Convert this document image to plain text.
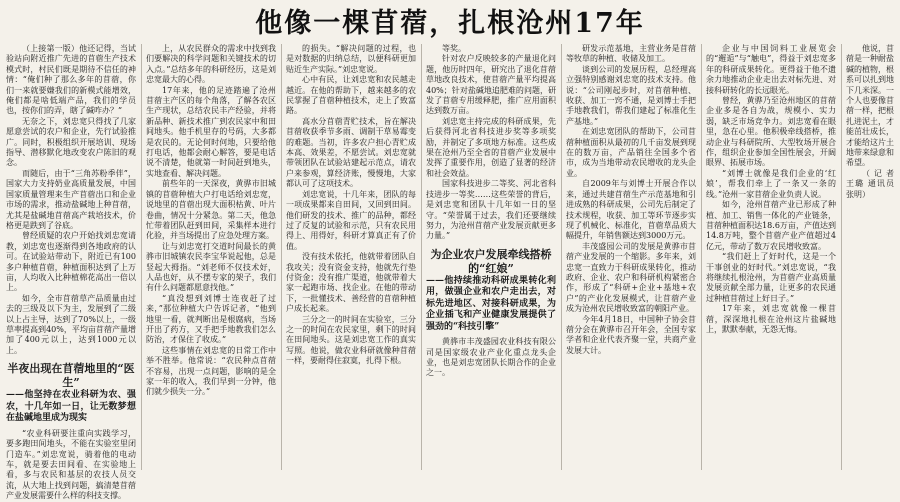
他像一棵苜蓿，扎根沧州17年

（上接第一版）他还记得，当试验站向附近推广先进的苜蓿生产技术模式时，村民们既是期待不信任的神情：“俺们种了那么多年的苜蓿，你们一来就要嫌我们的新模式能增效，俺们都是啥低端产品，我们的学员也，按你们的弄，瞎了碱咋办？”

无奈之下，刘忠宽只得找了几家愿意尝试的农户和企业，先行试验推广。同时，积极组织开展培训、现场指导、潜移默化地改变农户陈旧的观念。

而随后，由于“三角苏粉季伴”，国家大力支持奶业高质量发展，中国国家质量管理来生产苜蓿出口和企业市场的需求，推动盐碱地上种苜蓿，尤其是盐碱地苜蓿高产栽培技术，价格更是跌到了谷底。

曾经质疑的农户开始找刘忠宽请教，刘忠宽也逐渐得到各地政府的认可。在试验站带动下，附近已有100多户种植苜蓿，种植面积达到了上万亩，人均收入比种植棉花高出一倍以上。

如今，全市苜蓿草产品质量由过去的三级及以下为主，发展到了二级以上占主导，达到了70%以上，一级草率提高到40%，平均亩苜蓿产量增加了400元以上，达到1000元以上。

半夜出现在苜蓿地里的“医生”
——他坚持在农业科研为农、强农，十几年如一日，让无数梦想在盐碱地里成为现实

“农业科研要注重向实践学习，要多跑田间地头，不能在实验室里闭门造车。”刘忠宽说，骑着他的电动车，就是要去田间看、在实验地上看，多与农民和基层的农技人员交流，从大地上找到问题，搞清楚苜蓿产业发展需要什么样的科技支撑。

上，从农民群众的需求中找到我们要解决的科学问题和关键技术的切入点。”总结多年的科研经历，这是刘忠宽最大的心得。

17年来，他的足迹踏遍了沧州苜蓿主产区的每个角落，了解各农区生产现状，总结农民丰产经验，并将新品种、新技术推广到农民家中和田间地头。他手机里存的号码，大多都是农民的。无论何时何地，只要给他打电话，他都会耐心解答，要是电话说不清楚，他就第一时间赶到地头，实地查看、解决问题。

前些年的一天深夜，黄骅市旧城镇的苜蓿种植大户打电话给刘忠宽，说地里的苜蓿出现大面积枯黄、叶片卷曲，情况十分紧急。第二天，他急忙带着团队赶到田间，采集样本进行化验，并当场提出了应急处理方案。

让与刘忠宽打交道时间最长的黄骅市旧城镇农民李宝华说起他，总是竖起大拇指。“刘老师不仅技术好，人品也好，从不摆专家的架子，我们有什么问题都愿意找他。”

“真没想到刘博士连夜赶了过来，”那位种植大户告诉记者，“他到地里一看，就判断出是根腐病，当场开出了药方，又手把手地教我们怎么防治，才保住了收成。”

这些事情在刘忠宽的日常工作中举不胜举。他常说：“农民种点苜蓿不容易，出现一点问题，影响的是全家一年的收入，我们早到一分钟，他们就少损失一分。”

的损失。“解决问题的过程，也是对数据的归纳总结，以便科研更加贴近生产实际。”刘忠宽说。

心中有民，让刘忠宽和农民越走越近。在他的帮助下，越来越多的农民掌握了苜蓿种植技术，走上了致富路。

高水分苜蓿青贮技术，旨在解决苜蓿收获季节多雨、调制干草易霉变的难题。当初，许多农户担心青贮成本高、效果差，不愿尝试。刘忠宽就带领团队在试验站建起示范点，请农户来参观，算经济账，慢慢地，大家都认可了这项技术。

刘忠宽说，十几年来，团队的每一项成果都来自田间，又回到田间。他们研发的技术、推广的品种，都经过了反复的试验和示范，只有农民用得上、用得好，科研才算真正有了价值。

没有技术依托，他就带着团队自我攻关；没有资金支持，他就先行垫付资金；没有推广渠道，他就带着大家一起跑市场、找企业。在他的带动下，一批懂技术、善经营的苜蓿种植户成长起来。

三分之一的时间在实验室，三分之一的时间在农民家里，剩下的时间在田间地头。这是刘忠宽工作的真实写照。他说，做农业科研就像种苜蓿一样，要耐得住寂寞，扎得下根。

等奖。

针对农户反映较多的产量退化问题，他历时四年，研究出了退化苜蓿草地改良技术，使苜蓿产量平均提高40%；针对盐碱地追肥难的问题，研发了苜蓿专用缓释肥，推广应用面积达到数万亩。

刘忠宽主持完成的科研成果，先后获得河北省科技进步奖等多项奖励，并制定了多项地方标准。这些成果在沧州乃至全省的苜蓿产业发展中发挥了重要作用，创造了显著的经济和社会效益。

国家科技进步二等奖、河北省科技进步一等奖……这些荣誉的背后，是刘忠宽和团队十几年如一日的坚守。“荣誉属于过去，我们还要继续努力，为沧州苜蓿产业发展贡献更多力量。”

为企业农户发展牵线搭桥的“红娘”
——他持续推动科研成果转化利用，做强企业和农户走出去，对标先进地区、对接科研成果，为企业插飞和产业健康发展提供了强劲的“科技引擎”

黄骅市丰茂盛园农业科技有限公司是国家级农业产业化重点龙头企业，也是刘忠宽团队长期合作的企业之一。

研发示范基地，主营业务是苜蓿等牧草的种植、收储及加工。

谈到公司的发展历程，总经理高立强特别感谢刘忠宽的技术支持。他说：“公司刚起步时，对苜蓿种植、收获、加工一窍不通，是刘博士手把手地教我们，帮我们建起了标准化生产基地。”

在刘忠宽团队的帮助下，公司苜蓿种植面积从最初的几千亩发展到现在的数万亩，产品销往全国多个省市，成为当地带动农民增收的龙头企业。

自2009年与刘博士开展合作以来，通过共建苜蓿生产示范基地和引进成熟的科研成果，公司先后制定了技术规程，收获、加工等环节逐步实现了机械化、标准化，苜蓿草品质大幅提升，年销售额达到3000万元。

丰茂盛园公司的发展是黄骅市苜蓿产业发展的一个缩影。多年来，刘忠宽一直致力于科研成果转化，推动政府、企业、农户和科研机构紧密合作，形成了“科研+企业+基地+农户”的产业化发展模式，让苜蓿产业成为沧州农民增收致富的朝阳产业。

今年4月18日，中国种子协会苜蓿分会在黄骅市召开年会，全国专家学者和企业代表齐聚一堂，共商产业发展大计。

企业与中国饲料工业展览会的“邂逅”与“触电”，得益于刘忠宽多年的科研成果转化。更得益于他不遗余力地推动企业走出去对标先进、对接科研转化的长远眼光。

曾经，黄骅乃至沧州地区的苜蓿企业多是各自为战，规模小、实力弱，缺乏市场竞争力。刘忠宽看在眼里，急在心里。他积极牵线搭桥，推动企业与科研院所、大型牧场开展合作，组织企业参加全国性展会，开阔眼界、拓展市场。

“刘博士就像是我们企业的‘红娘’，帮我们牵上了一条又一条的线。”沧州一家苜蓿企业负责人说。

如今，沧州苜蓿产业已形成了种植、加工、销售一体化的产业链条，苜蓿种植面积达18.6万亩，产值达到14.8万吨，整个苜蓿产业产值超过4亿元，带动了数万农民增收致富。

“我们赶上了好时代，这是一个干事创业的好时代。”刘忠宽说，“我将继续扎根沧州，为苜蓿产业高质量发展贡献全部力量，让更多的农民通过种植苜蓿过上好日子。”

17年来，刘忠宽就像一棵苜蓿，深深地扎根在沧州这片盐碱地上，默默奉献，无怨无悔。

他说，苜蓿是一种耐盐碱的植物，根系可以扎到地下几米深。一个人也要像苜蓿一样，把根扎进泥土，才能茁壮成长，才能给这片土地带来绿意和希望。

（记者 王璐 通讯员 张明）
